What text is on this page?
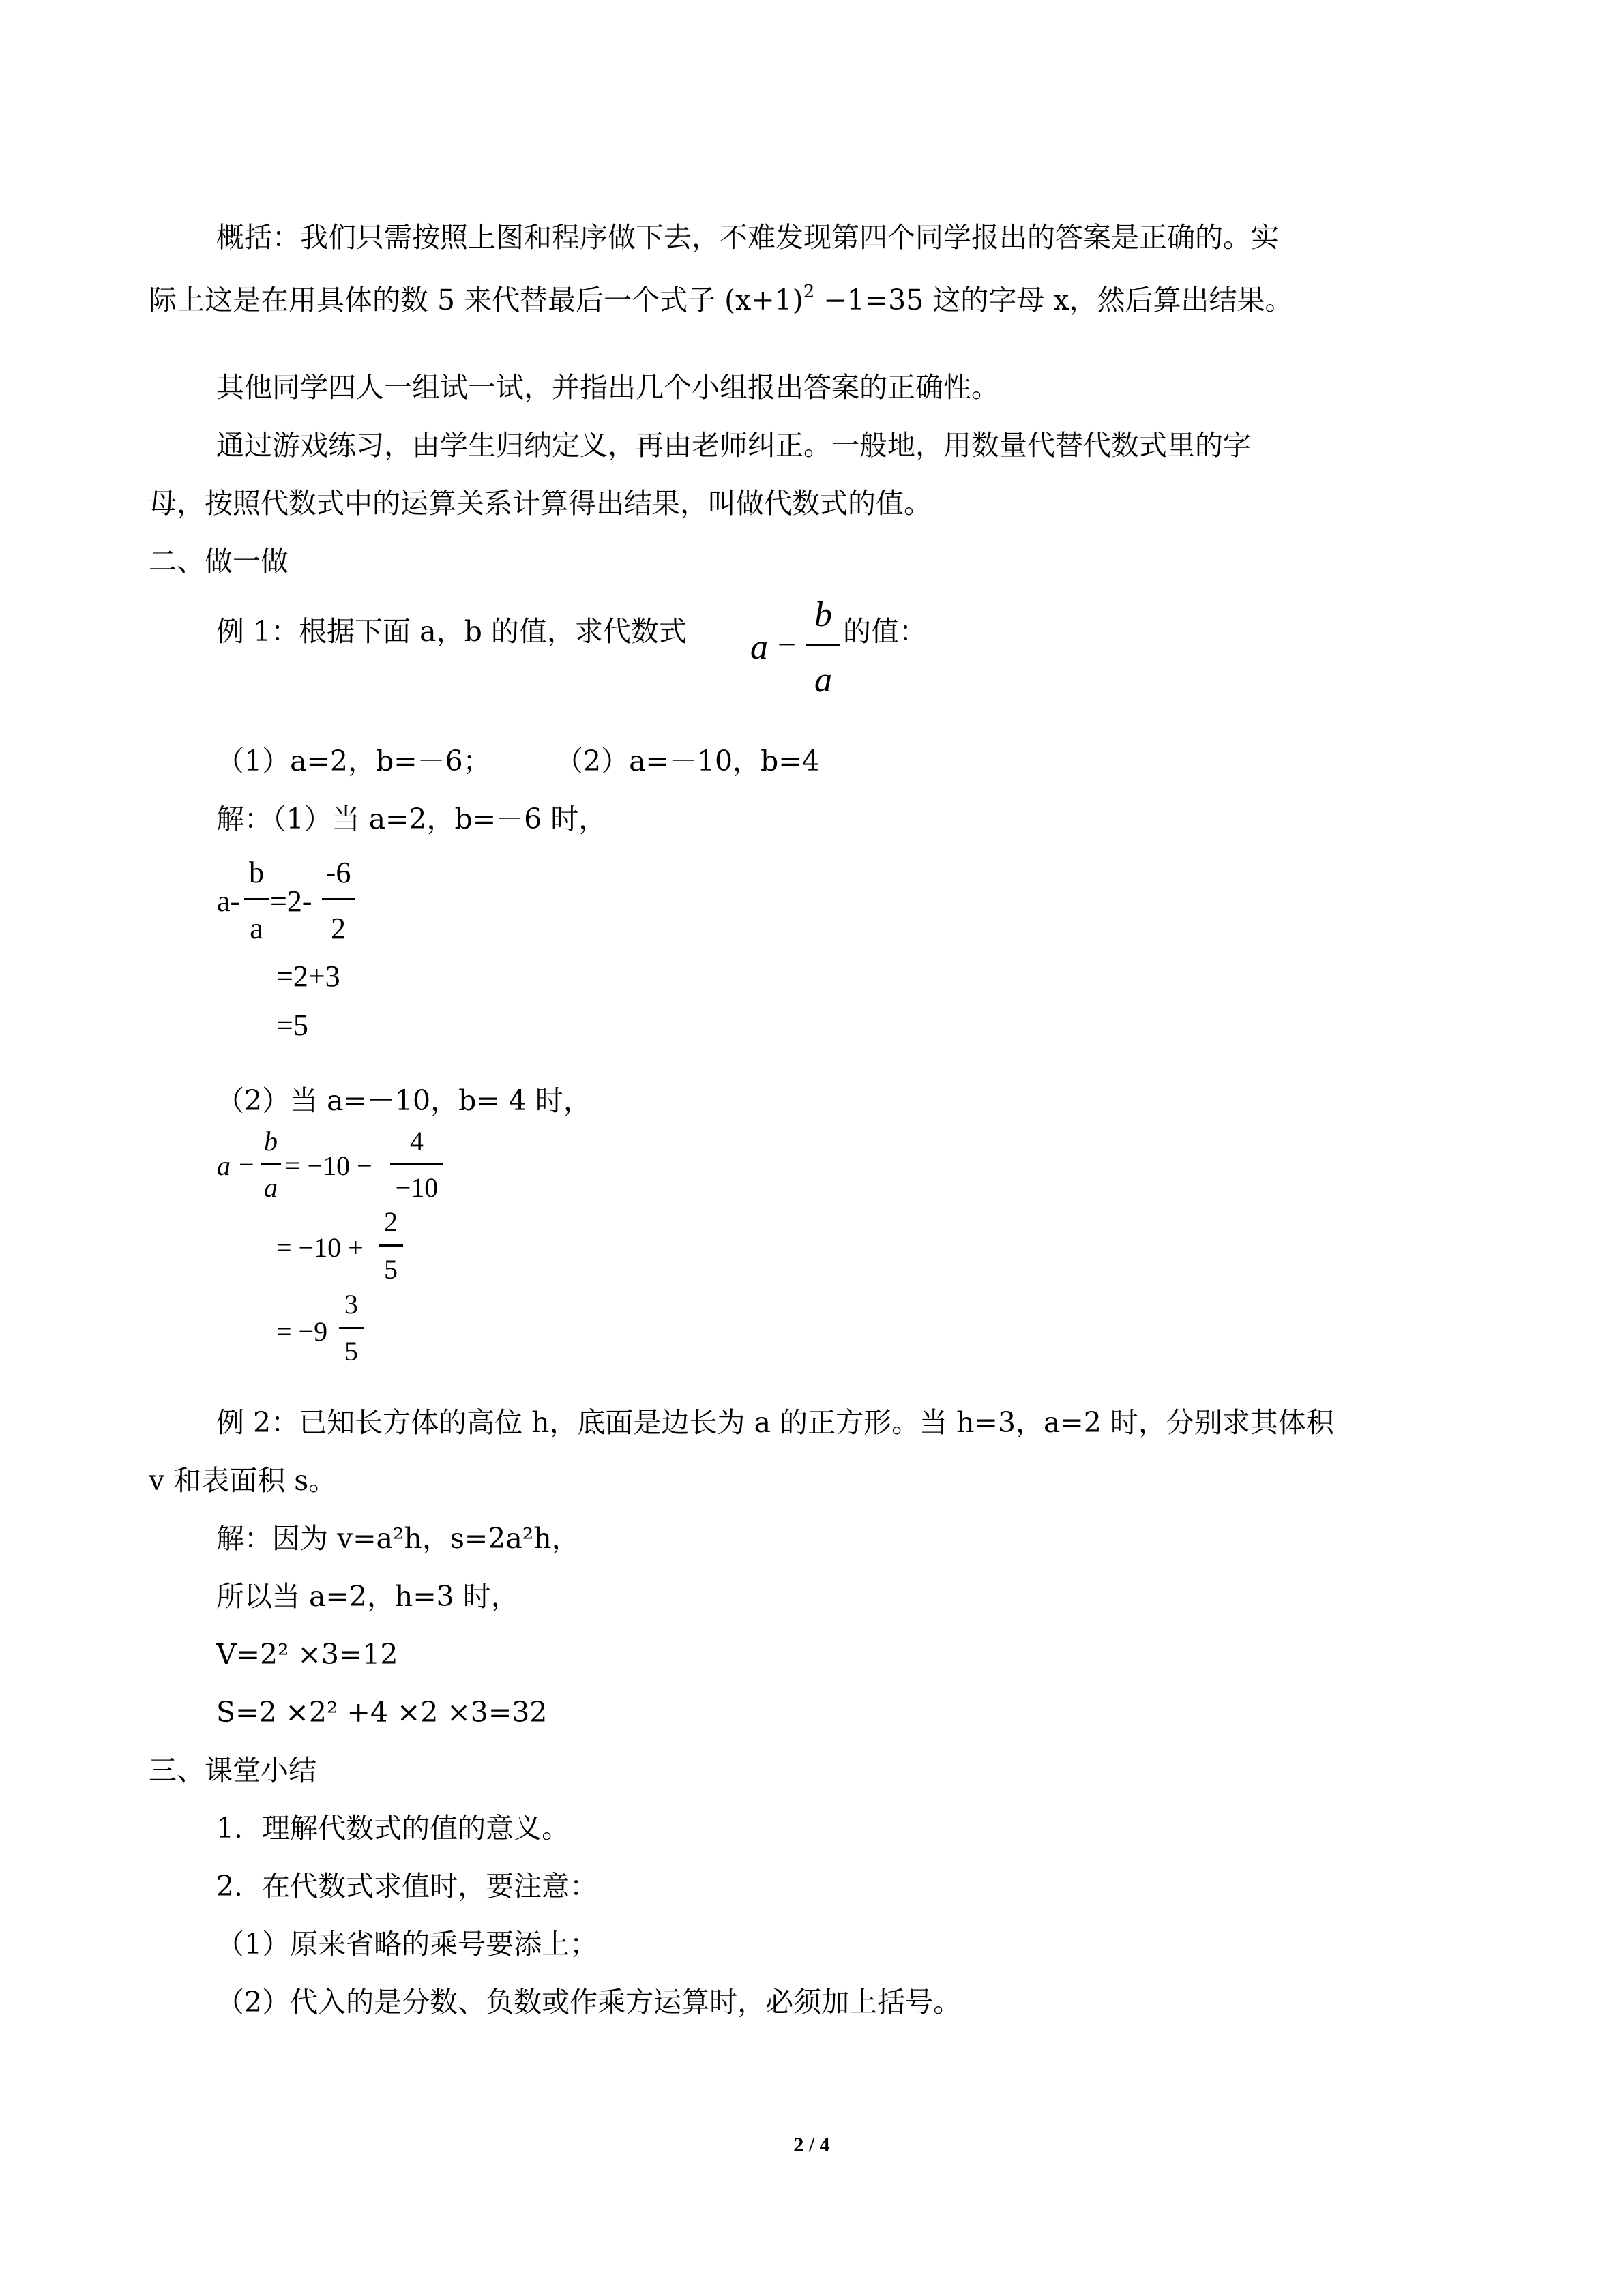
概括：我们只需按照上图和程序做下去，不难发现第四个同学报出的答案是正确的。实
际上这是在用具体的数 5 来代替最后一个式子 $(x+1)^2 -1=35$ 这的字母 x，然后算出结果。
其他同学四人一组试一试，并指出几个小组报出答案的正确性。
通过游戏练习，由学生归纳定义，再由老师纠正。一般地，用数量代替代数式里的字
母，按照代数式中的运算关系计算得出结果，叫做代数式的值。
二、做一做
例 1：根据下面 a，b 的值，求代数式 a −
b
a
的值：
（1）a=2，b=－6； （2）a=－10，b=4
解：（1）当 a=2，b=－6 时，
a-
b
a
=2-
-6
2
=2+3
=5
（2）当 a=－10，b= 4 时，
a −
b
a
= −10 −
4
−10
= −10 +
2
5
= −9
3
5
例 2：已知长方体的高位 h，底面是边长为 a 的正方形。当 h=3，a=2 时，分别求其体积
v 和表面积 s。
解：因为 v=a²h，s=2a²h，
所以当 a=2，h=3 时，
V=2² ×3=12
S=2 ×2² +4 ×2 ×3=32
三、课堂小结
1．理解代数式的值的意义。
2．在代数式求值时，要注意：
（1）原来省略的乘号要添上；
（2）代入的是分数、负数或作乘方运算时，必须加上括号。
2 / 4
